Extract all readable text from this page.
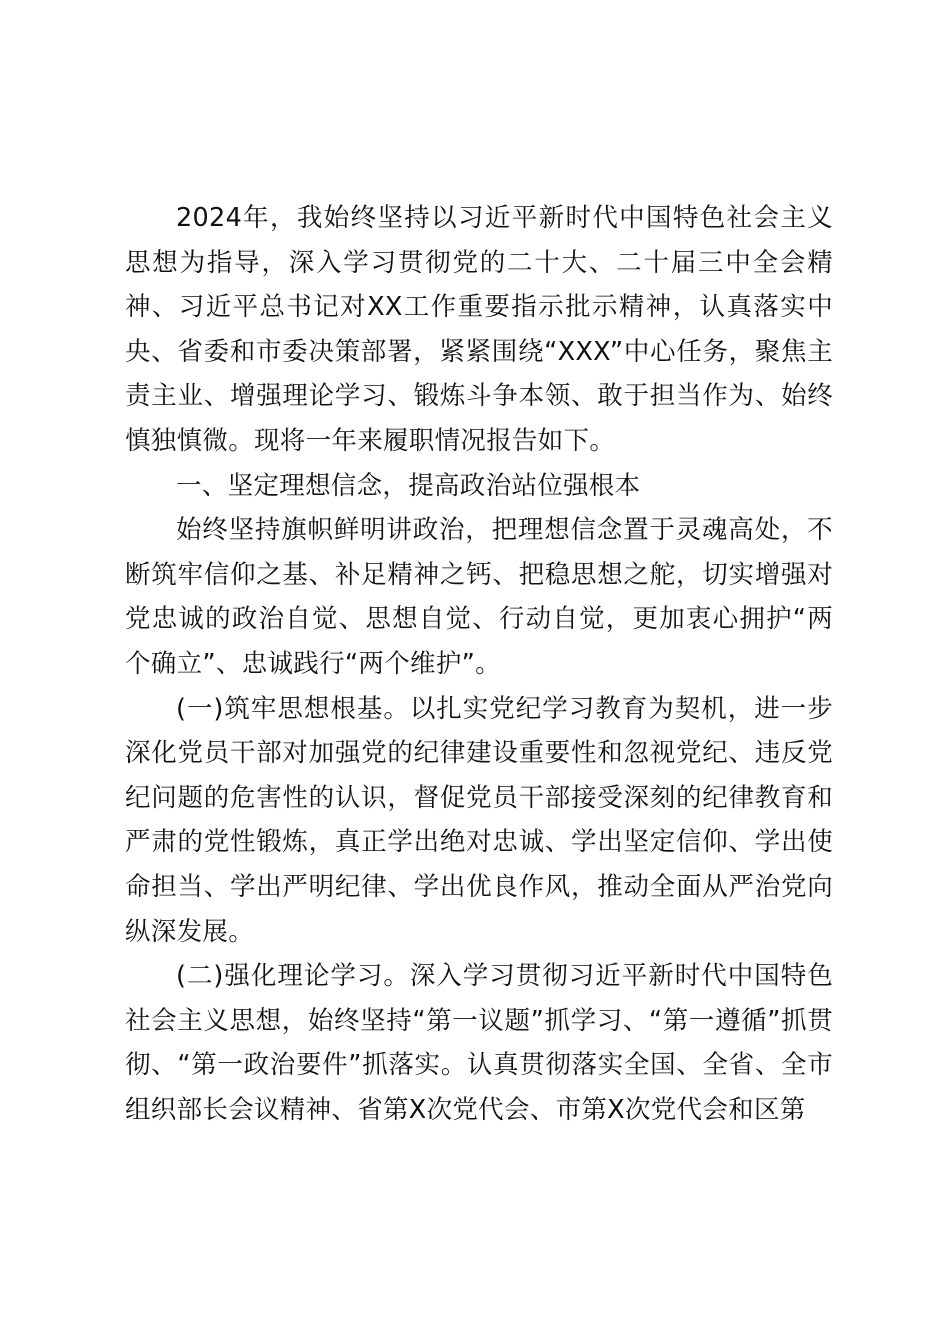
2024年，我始终坚持以习近平新时代中国特色社会主义思想为指导，深入学习贯彻党的二十大、二十届三中全会精神、习近平总书记对XX工作重要指示批示精神，认真落实中央、省委和市委决策部署，紧紧围绕“XXX”中心任务，聚焦主责主业、增强理论学习、锻炼斗争本领、敢于担当作为、始终慎独慎微。现将一年来履职情况报告如下。

一、坚定理想信念，提高政治站位强根本

始终坚持旗帜鲜明讲政治，把理想信念置于灵魂高处，不断筑牢信仰之基、补足精神之钙、把稳思想之舵，切实增强对党忠诚的政治自觉、思想自觉、行动自觉，更加衷心拥护“两个确立”、忠诚践行“两个维护”。

(一)筑牢思想根基。以扎实党纪学习教育为契机，进一步深化党员干部对加强党的纪律建设重要性和忽视党纪、违反党纪问题的危害性的认识，督促党员干部接受深刻的纪律教育和严肃的党性锻炼，真正学出绝对忠诚、学出坚定信仰、学出使命担当、学出严明纪律、学出优良作风，推动全面从严治党向纵深发展。

(二)强化理论学习。深入学习贯彻习近平新时代中国特色社会主义思想，始终坚持“第一议题”抓学习、“第一遵循”抓贯彻、“第一政治要件”抓落实。认真贯彻落实全国、全省、全市组织部长会议精神、省第X次党代会、市第X次党代会和区第
